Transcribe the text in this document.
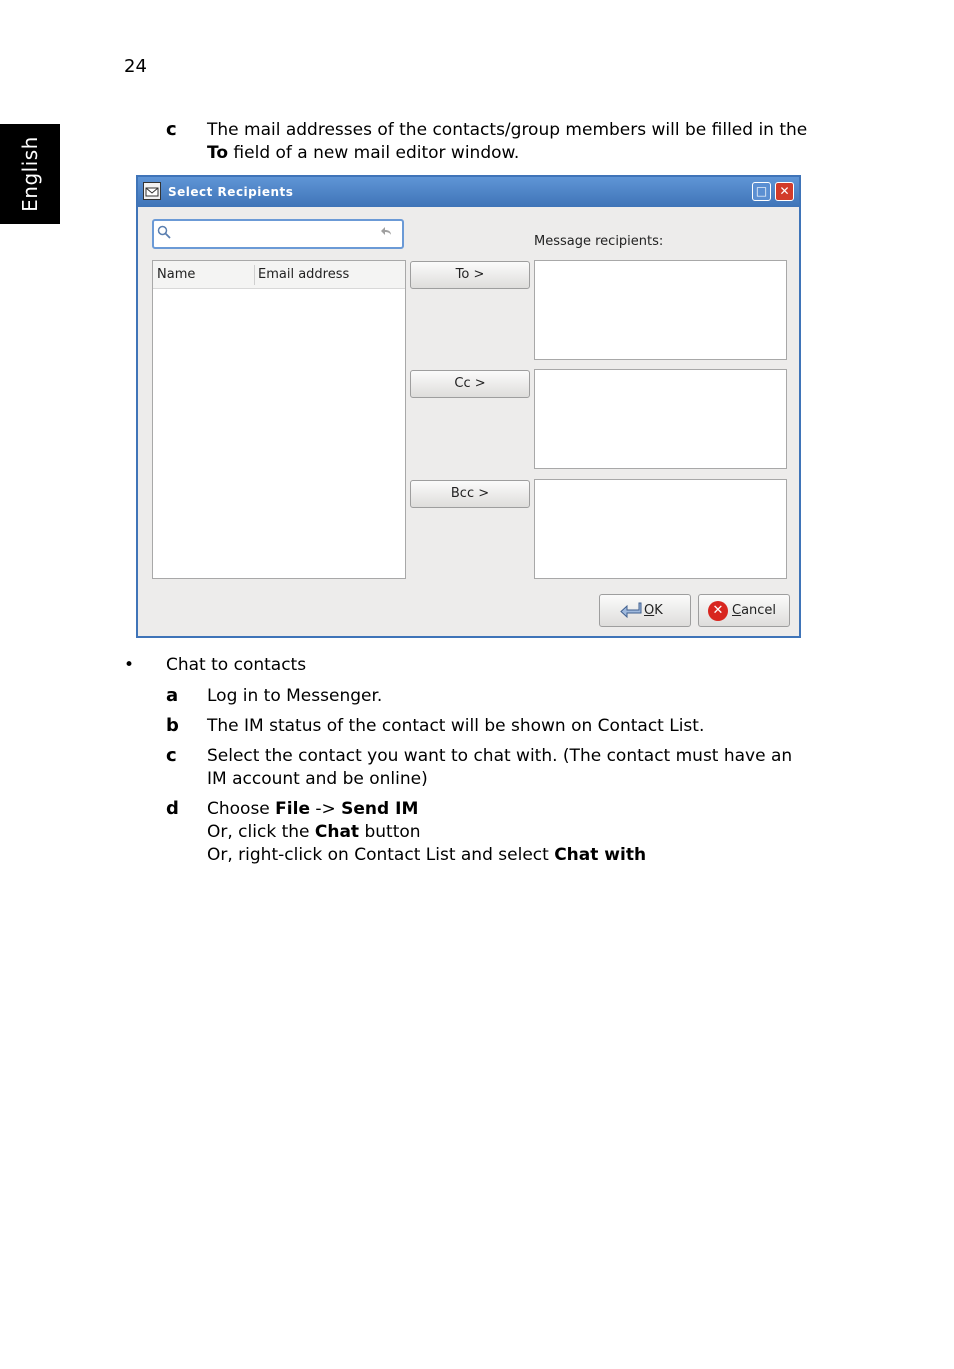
24
English
c The mail addresses of the contacts/group members will be filled in the
To field of a new mail editor window.
Select Recipients	□	✕
Message recipients:
Name	Email address	To >
Cc >
Bcc >
OK	✕ Cancel
• Chat to contacts
a Log in to Messenger.
b The IM status of the contact will be shown on Contact List.
c Select the contact you want to chat with. (The contact must have an
IM account and be online)
d Choose File -> Send IM
Or, click the Chat button
Or, right-click on Contact List and select Chat with
